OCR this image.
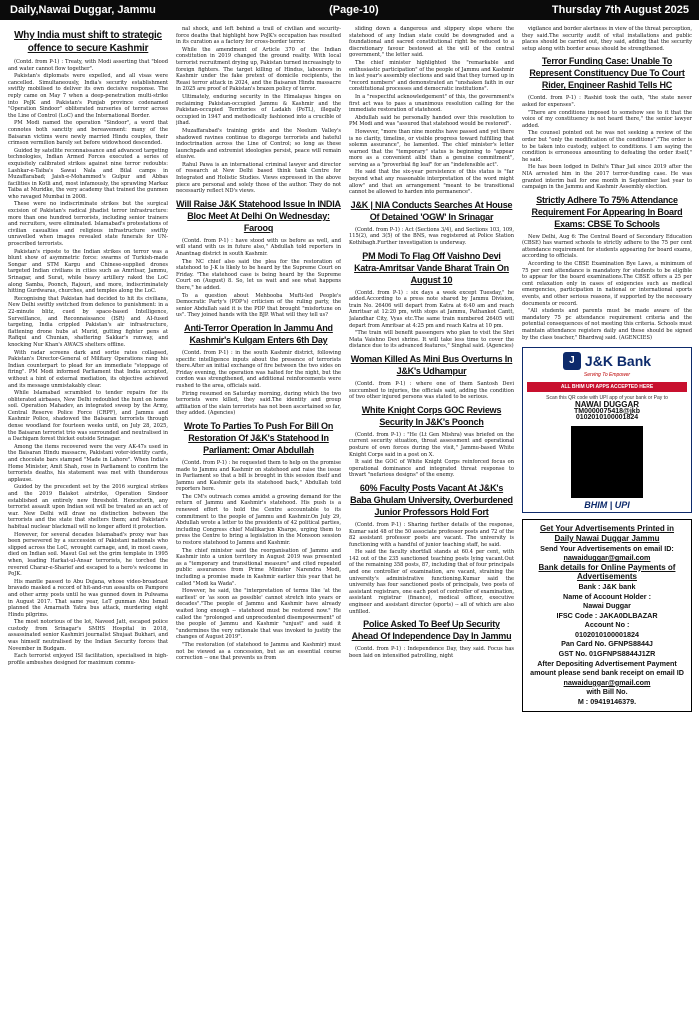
Daily,Nawai Duggar, Jammu	(Page-10)	Thursday 7th August 2025
Why India must shift to strategic offence to secure Kashmir

(Contd. from P-1) : Treaty, with Modi asserting that "blood and water cannot flow together".

Pakistan's diplomats were expelled, and all visas were cancelled. Simultaneously, India's security establishment swiftly mobilised to deliver its own decisive response. The reply came on May 7 when a deep-penetration multi-strike into PoJK and Pakistan's Punjab province codenamed "Operation Sindoor" obliterated nurseries of terror across the Line of Control (LoC) and the International Border.

PM Modi named the operation "Sindoor", a word that connotes both sanctity and bereavement: many of the Baisaran victims were newly married Hindu couples, their crimson vermilion barely set before widowhood descended.

Guided by satellite reconnaissance and advanced targeting technologies, Indian Armed Forces executed a series of exquisitely calibrated strikes against nine terror redoubts: Lashkar-e-Taiba's Sawai Nala and Bilal camps in Muzaffarabad; Jaish-e-Mohammed's Gulpur and Abbas facilities in Kotli and, most infamously, the sprawling Markaz Taiba at Muridke, the very academy that trained the gunmen who ravaged Mumbai in 2008.

These were no indiscriminate strikes but the surgical excision of Pakistan's radical jihadist terror infrastructure: more than one hundred terrorists, including senior trainers and recruiters, were eliminated. Islamabad's protestations of civilian casualties and religious infrastructure swiftly unravelled when images revealed state funerals for UN-proscribed terrorists.

Pakistan's riposte to the Indian strikes on terror was a blunt show of asymmetric force: swarms of Turkish-made Songar and STM Kargu and Chinese-supplied drones targeted Indian civilians in cities such as Amritsar, Jammu, Srinagar, and Surat, while heavy artillery raked the LoC along Samba, Poonch, Rajouri, and more, indiscriminately hitting Gurdwaras, churches, and temples along the LoC.

Recognising that Pakistan had decided to hit its civilians, New Delhi swiftly switched from defence to punishment: in a 22-minute blitz, cued by space-based Intelligence, Surveillance, and Reconnaissance (ISR) and AI-fused targeting, India crippled Pakistan's air infrastructure, flattening drone hubs at Murid, gutting fighter pens at Rafiqui and Chunian, shattering Sakkar's runway, and knocking Nur Khan's AWACS shelters offline.

With radar screens dark and sortie rates collapsed, Pakistan's Director-General of Military Operations rang his Indian counterpart to plead for an immediate "stoppage of firing". PM Modi informed Parliament that India accepted, without a hint of external mediation, its objective achieved and its message unmistakably clear.

While Islamabad scrambled to tender repairs for its obliterated airbases, New Delhi redoubled the hunt on home soil. Operation Mahadev, an integrated sweep by the Army, Central Reserve Police Force (CRPF), and Jammu and Kashmir Police, shadowed the Baisaran terrorists through dense woodland for fourteen weeks until, on July 28, 2025, the Baisaran terrorist trio was surrounded and neutralised in a Dachigam forest thicket outside Srinagar.

Among the items recovered were the very AK-47s used in the Baisaran Hindu massacre, Pakistani voter-identity cards, and chocolate bars stamped "Made in Lahore". When India's Home Minister, Amit Shah, rose in Parliament to confirm the terrorists deaths, his statement was met with thunderous applause.

Guided by the precedent set by the 2016 surgical strikes and the 2019 Balakot airstrike, Operation Sindoor established an entirely new threshold. Henceforth, any terrorist assault upon Indian soil will be treated as an act of war. New Delhi will draw no distinction between the terrorists and the state that shelters them; and Pakistan's habitual nuclear blackmail will no longer afford it protection.

However, for several decades Islamabad's proxy war has been persevered by a succession of Pakistani nationals who slipped across the LoC, wrought carnage, and, in most cases, died on Indian soil. Masut Gul set the grim template in 1995 when, leading Harkat-ul-Ansar terrorists, he torched the revered Charar-e-Sharief and escaped to a hero's welcome in PoJK.

His mantle passed to Abu Dujana, whose video-broadcast bravado masked a record of hit-and-run assaults on Pampore and other army posts until he was gunned down in Pulwama in August 2017. That same year, LeT gunman Abu Ismail planned the Amarnath Yatra bus attack, murdering eight Hindu pilgrims.

The most notorious of the lot, Naveed Jatt, escaped police custody from Srinagar's SMHS Hospital in 2018, assassinated senior Kashmiri journalist Shujaat Bukhari, and was himself neutralised by the Indian Security forces that November in Budgam.

Each terrorist enjoyed ISI facilitation, specialised in high-profile ambushes designed for maximum commu-

nal shock, and left behind a trail of civilian and security-force deaths that highlight how PoJK's occupation has resulted in its curation as a factory for cross-border terror.

While the amendment of Article 370 of the Indian constitution in 2019 changed the ground reality. With local terrorist recruitment drying up, Pakistan turned increasingly to foreign fighters. The target killing of Hindus, labourers in Kashmir under the fake pretext of domicile recipients, the Reasi terror attack in 2024, and the Baisaran Hindu massacre in 2025 are proof of Pakistan's brazen policy of terror.

Ultimately, enduring security in the Himalayas hinges on reclaiming Pakistan-occupied Jammu & Kashmir and the Pakistan-occupied Territories of Ladakh (PoTL), illegally occupied in 1947 and methodically fashioned into a crucible of jihad.

Muzaffarabad's training grids and the Neelum Valley's shadowed ravines continue to disgorge terrorists and hateful indoctrination across the Line of Control; so long as these launchpads and extremist ideologies persist, peace will remain elusive.

Rahul Pawa is an international criminal lawyer and director of research at New Delhi based think tank Centre for Integrated and Holistic Studies. Views expressed in the above piece are personal and solely those of the author. They do not necessarily reflect ND's views.

Will Raise J&K Statehood Issue In INDIA Bloc Meet At Delhi On Wednesday: Farooq

(Contd. from P-1) : have stood with us before as well, and will stand with us in future also," Abdullah told reporters in Anantnag district in south Kashmir.

The NC chief also said the plea for the restoration of statehood to J-K is likely to be heard by the Supreme Court on Friday. "The statehood case is being heard by the Supreme Court on (August) 8. So, let us wait and see what happens there," he added.

To a question about Mehbooba Mufti-led People's Democratic Party's (PDP's) criticism of the ruling party, the senior Abdullah said it is the PDP that brought "misfortune on us". They joined hands with the BJP. What will they tell us?

Anti-Terror Operation In Jammu And Kashmir's Kulgam Enters 6th Day

(Contd. from P-1) : in the south Kashmir district, following specific intelligence inputs about the presence of terrorists there.After an initial exchange of fire between the two sides on Friday evening, the operation was halted for the night, but the cordon was strengthened, and additional reinforcements were rushed to the area, officials said.

Firing resumed on Saturday morning, during which the two terrorists were killed, they said.The identity and group affiliation of the slain terrorists has not been ascertained so far, they added. (Agencies)

Wrote To Parties To Push For Bill On Restoration Of J&K's Statehood In Parliament: Omar Abdullah

(Contd. from P-1) : he requested them to help on the promise made to Jammu and Kashmir on statehood and raise the issue in Parliament so that a bill is brought in this session itself and Jammu and Kashmir gets its statehood back," Abdullah told reporters here.

The CM's outreach comes amidst a growing demand for the return of Jammu and Kashmir's statehood. His push is a renewed effort to hold the Centre accountable to its commitment to the people of Jammu and Kashmir.On July 29, Abdullah wrote a letter to the presidents of 42 political parties, including Congress chief Mallikarjun Kharge, urging them to press the Centre to bring a legislation in the Monsoon session to restore statehood to Jammu and Kashmir.

The chief minister said the reorganisation of Jammu and Kashmir into a union territory in August 2019 was presented as a "temporary and transitional measure" and cited repeated public assurances from Prime Minister Narendra Modi, including a promise made in Kashmir earlier this year that he called "Modi ka Wada".

However, he said, the "interpretation of terms like 'at the earliest' or 'as soon as possible' cannot stretch into years or decades"."The people of Jammu and Kashmir have already waited long enough -- statehood must be restored now." He called the "prolonged and unprecedented disempowerment" of the people of Jammu and Kashmir "unjust" and said it "undermines the very rationale that was invoked to justify the changes of August 2019".

"The restoration (of statehood to Jammu and Kashmir) must not be viewed as a concession, but as an essential course correction -- one that prevents us from

sliding down a dangerous and slippery slope where the statehood of any Indian state could be downgraded and a foundational and sacred constitutional right be reduced to a discretionary favour bestowed at the will of the central government," the letter said.

The chief minister highlighted the "remarkable and enthusiastic participation" of the people of Jammu and Kashmir in last year's assembly elections and said that they turned up in "record numbers" and demonstrated an "unshaken faith in our constitutional processes and democratic institutions".

In a "respectful acknowledgement" of this, the government's first act was to pass a unanimous resolution calling for the immediate restoration of statehood.

Abdullah said he personally handed over this resolution to PM Modi and was "assured that statehood would be restored".

However, "more than nine months have passed and yet there is no clarity, timeline, or visible progress toward fulfilling that solemn assurance", he lamented. The chief minister's letter warned that the "temporary" status is beginning to "appear more as a convenient alibi than a genuine commitment", serving as a "proverbial fig leaf" for an "indefensible act".

He said that the six-year persistence of this status is "far beyond what any reasonable interpretation of the word might allow" and that an arrangement "meant to be transitional cannot be allowed to harden into permanence".

J&K | NIA Conducts Searches At House Of Detained 'OGW' In Srinagar

(Contd. from P-1) : Act (Sections 3/4), and Sections 103, 109, 115(2), and 3(5) of the BNS, was registered at Police Station Kothibagh.Further investigation is underway.

PM Modi To Flag Off Vaishno Devi Katra-Amritsar Vande Bharat Train On August 10

(Contd. from P-1) : six days a week except Tuesday," he added.According to a press note shared by Jammu Division, train No. 26406 will depart from Katra at 6:40 am and reach Amritsar at 12:20 pm, with stops at Jammu, Pathankot Cantt, Jalandhar City, Vyas etc.The same train numbered 26405 will depart from Amritsar at 4:25 pm and reach Katra at 10 pm.

"The train will benefit passengers who plan to visit the Shri Mata Vaishno Devi shrine. It will take less time to cover the distance due to its advanced features," Singhal said. (Agencies)

Woman Killed As Mini Bus Overturns In J&K's Udhampur

(Contd. from P-1) : where one of them Santosh Devi succumbed to injuries, the officials said, adding the condition of two other injured persons was stated to be serious.

White Knight Corps GOC Reviews Security In J&K's Poonch

(Contd. from P-1) : "He (Lt Gen Mishra) was briefed on the current security situation, threat assessment and operational posture of own forces during the visit," Jammu-based White Knight Corps said in a post on X.

It said the GOC of White Knight Corps reinforced focus on operational dominance and integrated threat response to thwart "nefarious designs" of the enemy.

60% Faculty Posts Vacant At J&K's Baba Ghulam University, Overburdened Junior Professors Hold Fort

(Contd. from P-1) : Sharing further details of the response, Kumar said 48 of the 50 associate professor posts and 72 of the 82 assistant professor posts are vacant. The university is functioning with a handful of junior teaching staff, he said.

He said the faculty shortfall stands at 60.4 per cent, with 142 out of the 235 sanctioned teaching posts lying vacant.Out of the remaining 358 posts, 87, including that of four principals and one controller of examination, are vacant, straining the university's administrative functioning.Kumar said the university has four sanctioned posts of principals, two posts of assistant registrars, one each post of controller of examination, assistant registrar (finance), medical officer, executive engineer and assistant director (sports) -- all of which are also unfilled.

Police Asked To Beef Up Security Ahead Of Independence Day In Jammu

(Contd. from P-1) : Independence Day, they said. Focus has been laid on intensified patrolling, night

vigilance and border alertness in view of the threat perception, they said.The security audit of vital installations and public places should be carried out, they said, adding that the security setup along with border areas should be strengthened.

Terror Funding Case: Unable To Represent Constituency Due To Court Rider, Engineer Rashid Tells HC

(Contd. from P-1) : Rashid took the oath, "the state never asked for expenses".

"There are conditions imposed to somehow see to it that the voice of my constituency is not heard there," the senior lawyer added.

The counsel pointed out he was not seeking a review of the order but "only the modification of the conditions"."The order is to be taken into custody, subject to conditions. I am saying the condition is erroneous amounting to defeating the order itself," he said.

He has been lodged in Delhi's Tihar Jail since 2019 after the NIA arrested him in the 2017 terror-funding case. He was granted interim bail for one month in September last year to campaign in the Jammu and Kashmir Assembly election.

Strictly Adhere To 75% Attendance Requirement For Appearing In Board Exams: CBSE To Schools

New Delhi, Aug 6: The Central Board of Secondary Education (CBSE) has warned schools to strictly adhere to the 75 per cent attendance requirement for students appearing for board exams, according to officials.

According to the CBSE Examination Bye Laws, a minimum of 75 per cent attendance is mandatory for students to be eligible to appear for the board examinations.The CBSE offers a 25 per cent relaxation only in cases of exigencies such as medical emergencies, participation in national or international sports events, and other serious reasons, if supported by the necessary documents or record.

"All students and parents must be made aware of the mandatory 75 pc attendance requirement criteria and the potential consequences of not meeting this criteria. Schools must maintain attendance registers daily and these should be signed by the class teacher," Bhardwaj said. (AGENCIES)

J J&K Bank
Serving To Empower
ALL BHIM UPI APPS ACCEPTED HERE
Scan this QR code with UPI app of your bank or Pay to
NAWAI DUGGAR
TM0000075418@jkb
0102010100001824
BHIM | UPI
Get Your Advertisements Printed in
Daily Nawai Duggar Jammu
Send Your Advertisements on email ID:
nawaiduggar@gmail.com
Bank details for Online Payments of Advertisements
Bank : J&K bank
Name of Account Holder :
Nawai Duggar
IFSC Code : JAKA0DLBAZAR
Account No :
0102010100001824
Pan Card No. GFNPS8844J
GST No. 01GFNPS8844J1ZR
After Depositing Advertisement Payment amount please send bank receipt on email ID
nawaiduggar@gmail.com
with Bill No.
M : 09419146379.
